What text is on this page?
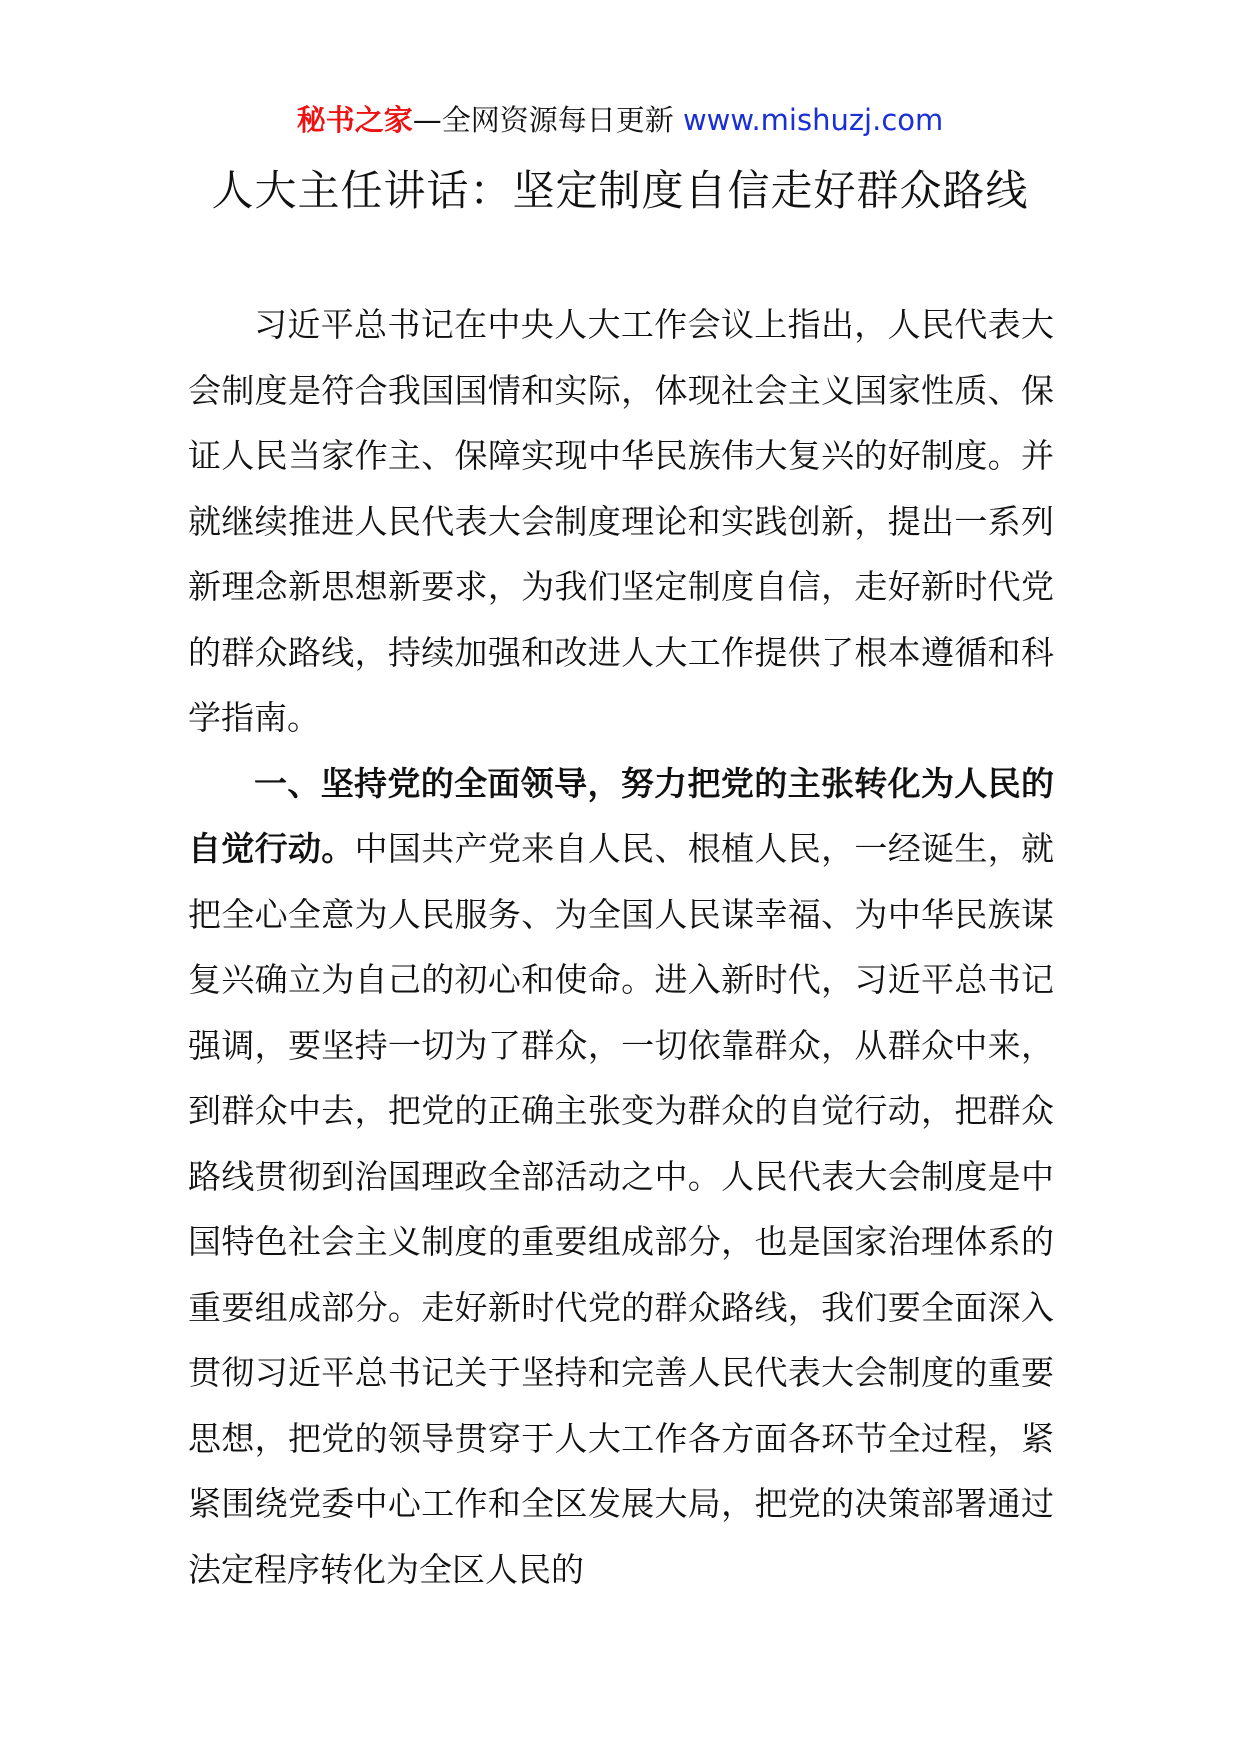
秘书之家—全网资源每日更新 www.mishuzj.com
人大主任讲话：坚定制度自信走好群众路线

习近平总书记在中央人大工作会议上指出，人民代表大会制度是符合我国国情和实际，体现社会主义国家性质、保证人民当家作主、保障实现中华民族伟大复兴的好制度。并就继续推进人民代表大会制度理论和实践创新，提出一系列新理念新思想新要求，为我们坚定制度自信，走好新时代党的群众路线，持续加强和改进人大工作提供了根本遵循和科学指南。

一、坚持党的全面领导，努力把党的主张转化为人民的自觉行动。中国共产党来自人民、根植人民，一经诞生，就把全心全意为人民服务、为全国人民谋幸福、为中华民族谋复兴确立为自己的初心和使命。进入新时代，习近平总书记强调，要坚持一切为了群众，一切依靠群众，从群众中来，到群众中去，把党的正确主张变为群众的自觉行动，把群众路线贯彻到治国理政全部活动之中。人民代表大会制度是中国特色社会主义制度的重要组成部分，也是国家治理体系的重要组成部分。走好新时代党的群众路线，我们要全面深入贯彻习近平总书记关于坚持和完善人民代表大会制度的重要思想，把党的领导贯穿于人大工作各方面各环节全过程，紧紧围绕党委中心工作和全区发展大局，把党的决策部署通过法定程序转化为全区人民的
